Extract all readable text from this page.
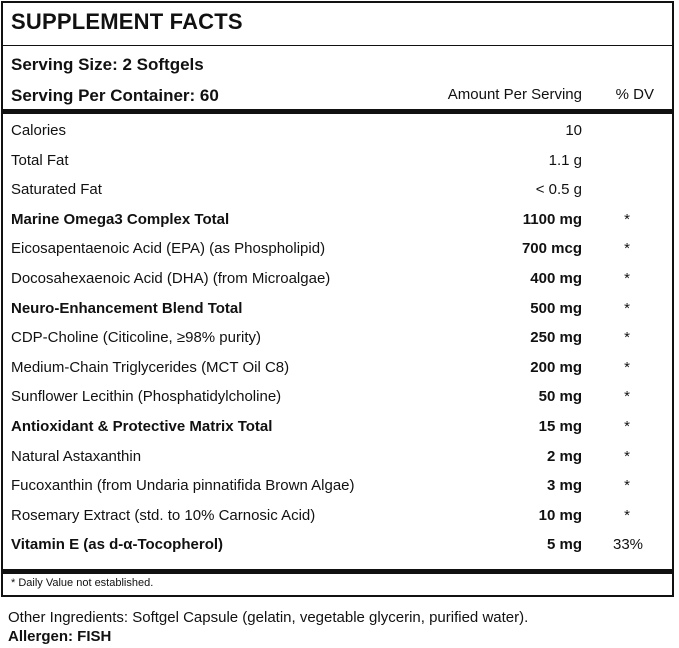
SUPPLEMENT FACTS
Serving Size: 2 Softgels
Serving Per Container: 60	Amount Per Serving % DV
Calories	10
Total Fat	1.1 g
Saturated Fat	< 0.5 g
Marine Omega3 Complex Total	1100 mg	*
Eicosapentaenoic Acid (EPA) (as Phospholipid)	700 mcg	*
Docosahexaenoic Acid (DHA) (from Microalgae)	400 mg	*
Neuro-Enhancement Blend Total	500 mg	*
CDP-Choline (Citicoline, ≥98% purity)	250 mg	*
Medium-Chain Triglycerides (MCT Oil C8)	200 mg	*
Sunflower Lecithin (Phosphatidylcholine)	50 mg	*
Antioxidant & Protective Matrix Total	15 mg	*
Natural Astaxanthin	2 mg	*
Fucoxanthin (from Undaria pinnatifida Brown Algae)	3 mg	*
Rosemary Extract (std. to 10% Carnosic Acid)	10 mg	*
Vitamin E (as d-α-Tocopherol)	5 mg	33%
* Daily Value not established.
Other Ingredients: Softgel Capsule (gelatin, vegetable glycerin, purified water).
Allergen: FISH
